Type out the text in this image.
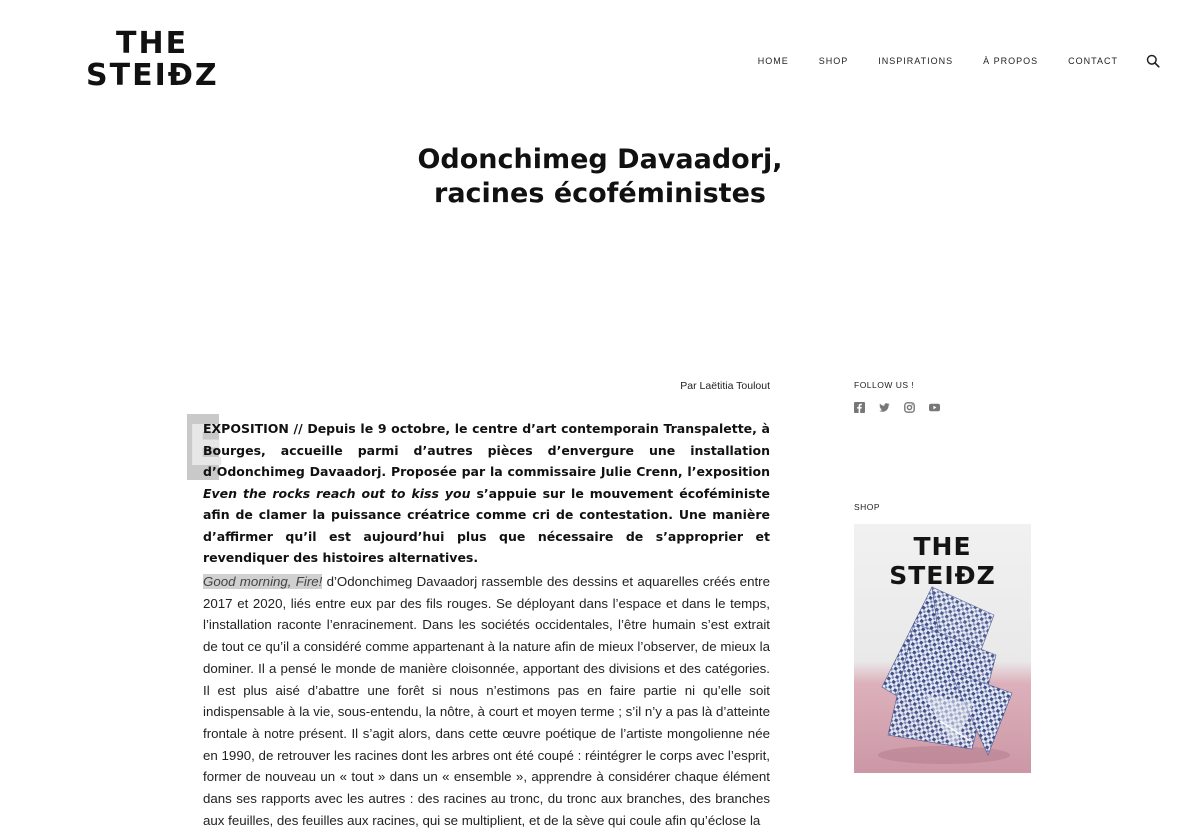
THE
STEIÐZ	HOME	SHOP	INSPIRATIONS	À PROPOS	CONTACT
Odonchimeg Davaadorj,
racines écoféministes
Par Laëtitia Toulout
E

EXPOSITION // Depuis le 9 octobre, le centre d’art contemporain Transpalette, à Bourges, accueille parmi d’autres pièces d’envergure une installation d’Odonchimeg Davaadorj. Proposée par la commissaire Julie Crenn, l’exposition Even the rocks reach out to kiss you s’appuie sur le mouvement écoféministe afin de clamer la puissance créatrice comme cri de contestation. Une manière d’affirmer qu’il est aujourd’hui plus que nécessaire de s’approprier et revendiquer des histoires alternatives.

Good morning, Fire! d’Odonchimeg Davaadorj rassemble des dessins et aquarelles créés entre 2017 et 2020, liés entre eux par des fils rouges. Se déployant dans l’espace et dans le temps, l’installation raconte l’enracinement. Dans les sociétés occidentales, l’être humain s’est extrait de tout ce qu’il a considéré comme appartenant à la nature afin de mieux l’observer, de mieux la dominer. Il a pensé le monde de manière cloisonnée, apportant des divisions et des catégories. Il est plus aisé d’abattre une forêt si nous n’estimons pas en faire partie ni qu’elle soit indispensable à la vie, sous-entendu, la nôtre, à court et moyen terme ; s’il n’y a pas là d’atteinte frontale à notre présent. Il s’agit alors, dans cette œuvre poétique de l’artiste mongolienne née en 1990, de retrouver les racines dont les arbres ont été coupé : réintégrer le corps avec l’esprit, former de nouveau un « tout » dans un « ensemble », apprendre à considérer chaque élément dans ses rapports avec les autres : des racines au tronc, du tronc aux branches, des branches aux feuilles, des feuilles aux racines, qui se multiplient, et de la sève qui coule afin qu’éclose la

FOLLOW US !
SHOP
THE
STEIÐZ
